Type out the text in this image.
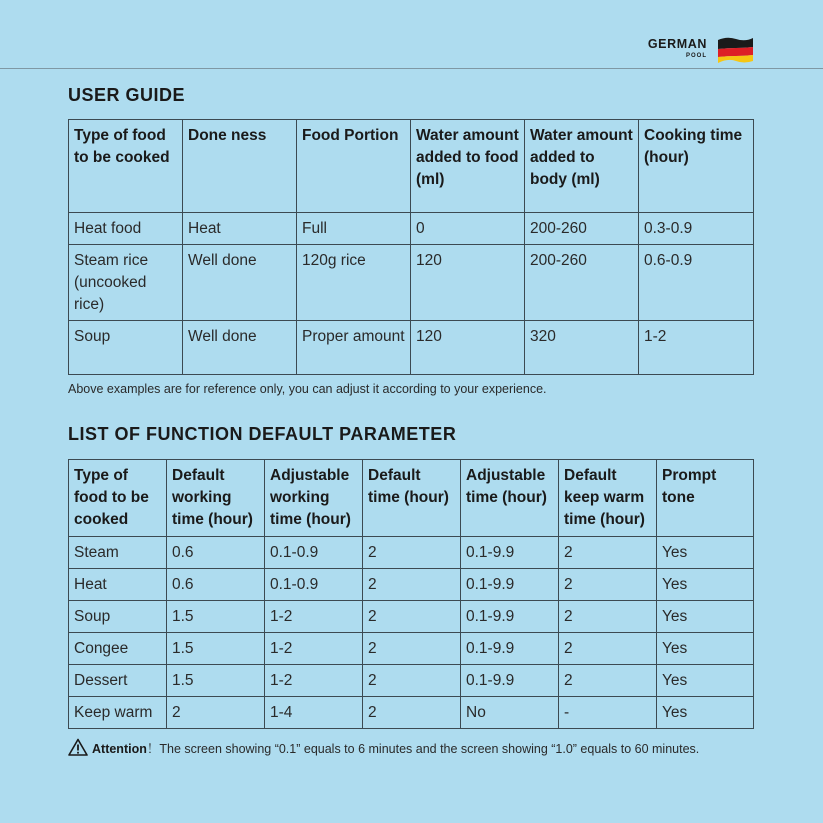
GERMAN
POOL
USER GUIDE
Type of food to be cooked	Done ness	Food Portion	Water amount added to food (ml)	Water amount added to body (ml)	Cooking time (hour)
Heat food	Heat	Full	0	200-260	0.3-0.9
Steam rice (uncooked rice)	Well done	120g rice	120	200-260	0.6-0.9
Soup	Well done	Proper amount	120	320	1-2
Above examples are for reference only, you can adjust it according to your experience.
LIST OF FUNCTION DEFAULT PARAMETER
Type of food to be cooked	Default working time (hour)	Adjustable working time (hour)	Default time (hour)	Adjustable time (hour)	Default keep warm time (hour)	Prompt tone
Steam	0.6	0.1-0.9	2	0.1-9.9	2	Yes
Heat	0.6	0.1-0.9	2	0.1-9.9	2	Yes
Soup	1.5	1-2	2	0.1-9.9	2	Yes
Congee	1.5	1-2	2	0.1-9.9	2	Yes
Dessert	1.5	1-2	2	0.1-9.9	2	Yes
Keep warm	2	1-4	2	No	-	Yes
Attention！The screen showing “0.1” equals to 6 minutes and the screen showing “1.0” equals to 60 minutes.
